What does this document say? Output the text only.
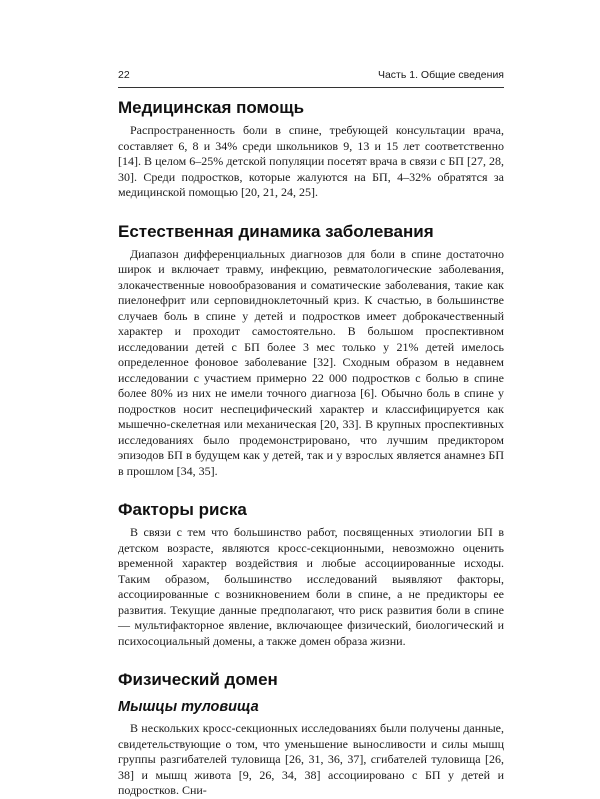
22	Часть 1. Общие сведения
Медицинская помощь

Распространенность боли в спине, требующей консультации врача, составляет 6, 8 и 34% среди школьников 9, 13 и 15 лет соответственно [14]. В целом 6–25% детской популяции посетят врача в связи с БП [27, 28, 30]. Среди подростков, которые жалуются на БП, 4–32% обратятся за медицинской помощью [20, 21, 24, 25].

Естественная динамика заболевания

Диапазон дифференциальных диагнозов для боли в спине достаточно широк и включает травму, инфекцию, ревматологические заболевания, злокачественные новообразования и соматические заболевания, такие как пиелонефрит или серповидноклеточный криз. К счастью, в большинстве случаев боль в спине у детей и подростков имеет доброкачественный характер и проходит самостоятельно. В большом проспективном исследовании детей с БП более 3 мес только у 21% детей имелось определенное фоновое заболевание [32]. Сходным образом в недавнем исследовании с участием примерно 22 000 подростков с болью в спине более 80% из них не имели точного диагноза [6]. Обычно боль в спине у подростков носит неспецифический характер и классифицируется как мышечно-скелетная или механическая [20, 33]. В крупных проспективных исследованиях было продемонстрировано, что лучшим предиктором эпизодов БП в будущем как у детей, так и у взрослых является анамнез БП в прошлом [34, 35].

Факторы риска

В связи с тем что большинство работ, посвященных этиологии БП в детском возрасте, являются кросс-секционными, невозможно оценить временной характер воздействия и любые ассоциированные исходы. Таким образом, большинство исследований выявляют факторы, ассоциированные с возникновением боли в спине, а не предикторы ее развития. Текущие данные предполагают, что риск развития боли в спине — мультифакторное явление, включающее физический, биологический и психосоциальный домены, а также домен образа жизни.

Физический домен
Мышцы туловища

В нескольких кросс-секционных исследованиях были получены данные, свидетельствующие о том, что уменьшение выносливости и силы мышц группы разгибателей туловища [26, 31, 36, 37], сгибателей туловища [26, 38] и мышц живота [9, 26, 34, 38] ассоциировано с БП у детей и подростков. Сни-
